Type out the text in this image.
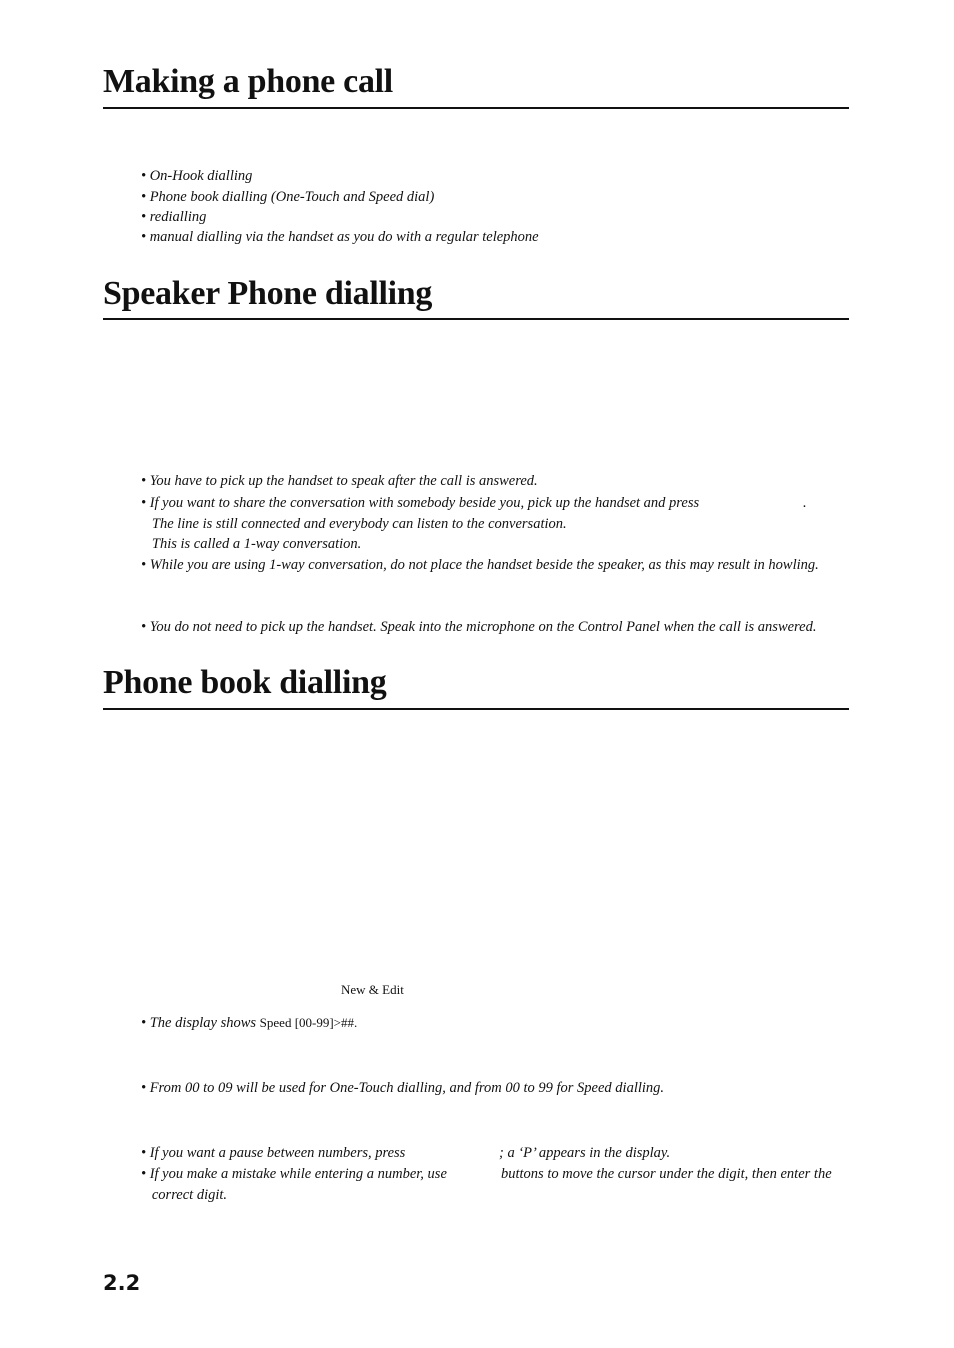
Making a phone call
• On-Hook dialling
• Phone book dialling (One-Touch and Speed dial)
• redialling
• manual dialling via the handset as you do with a regular telephone
Speaker Phone dialling
• You have to pick up the handset to speak after the call is answered.
• If you want to share the conversation with somebody beside you, pick up the handset and press	.
The line is still connected and everybody can listen to the conversation.
This is called a 1-way conversation.
• While you are using 1-way conversation, do not place the handset beside the speaker, as this may result in howling.
• You do not need to pick up the handset. Speak into the microphone on the Control Panel when the call is answered.
Phone book dialling
New & Edit
• The display shows Speed [00-99]>##.
• From 00 to 09 will be used for One-Touch dialling, and from 00 to 99 for Speed dialling.
• If you want a pause between numbers, press	; a ‘P’ appears in the display.
• If you make a mistake while entering a number, use	buttons to move the cursor under the digit, then enter the
correct digit.
2.2
